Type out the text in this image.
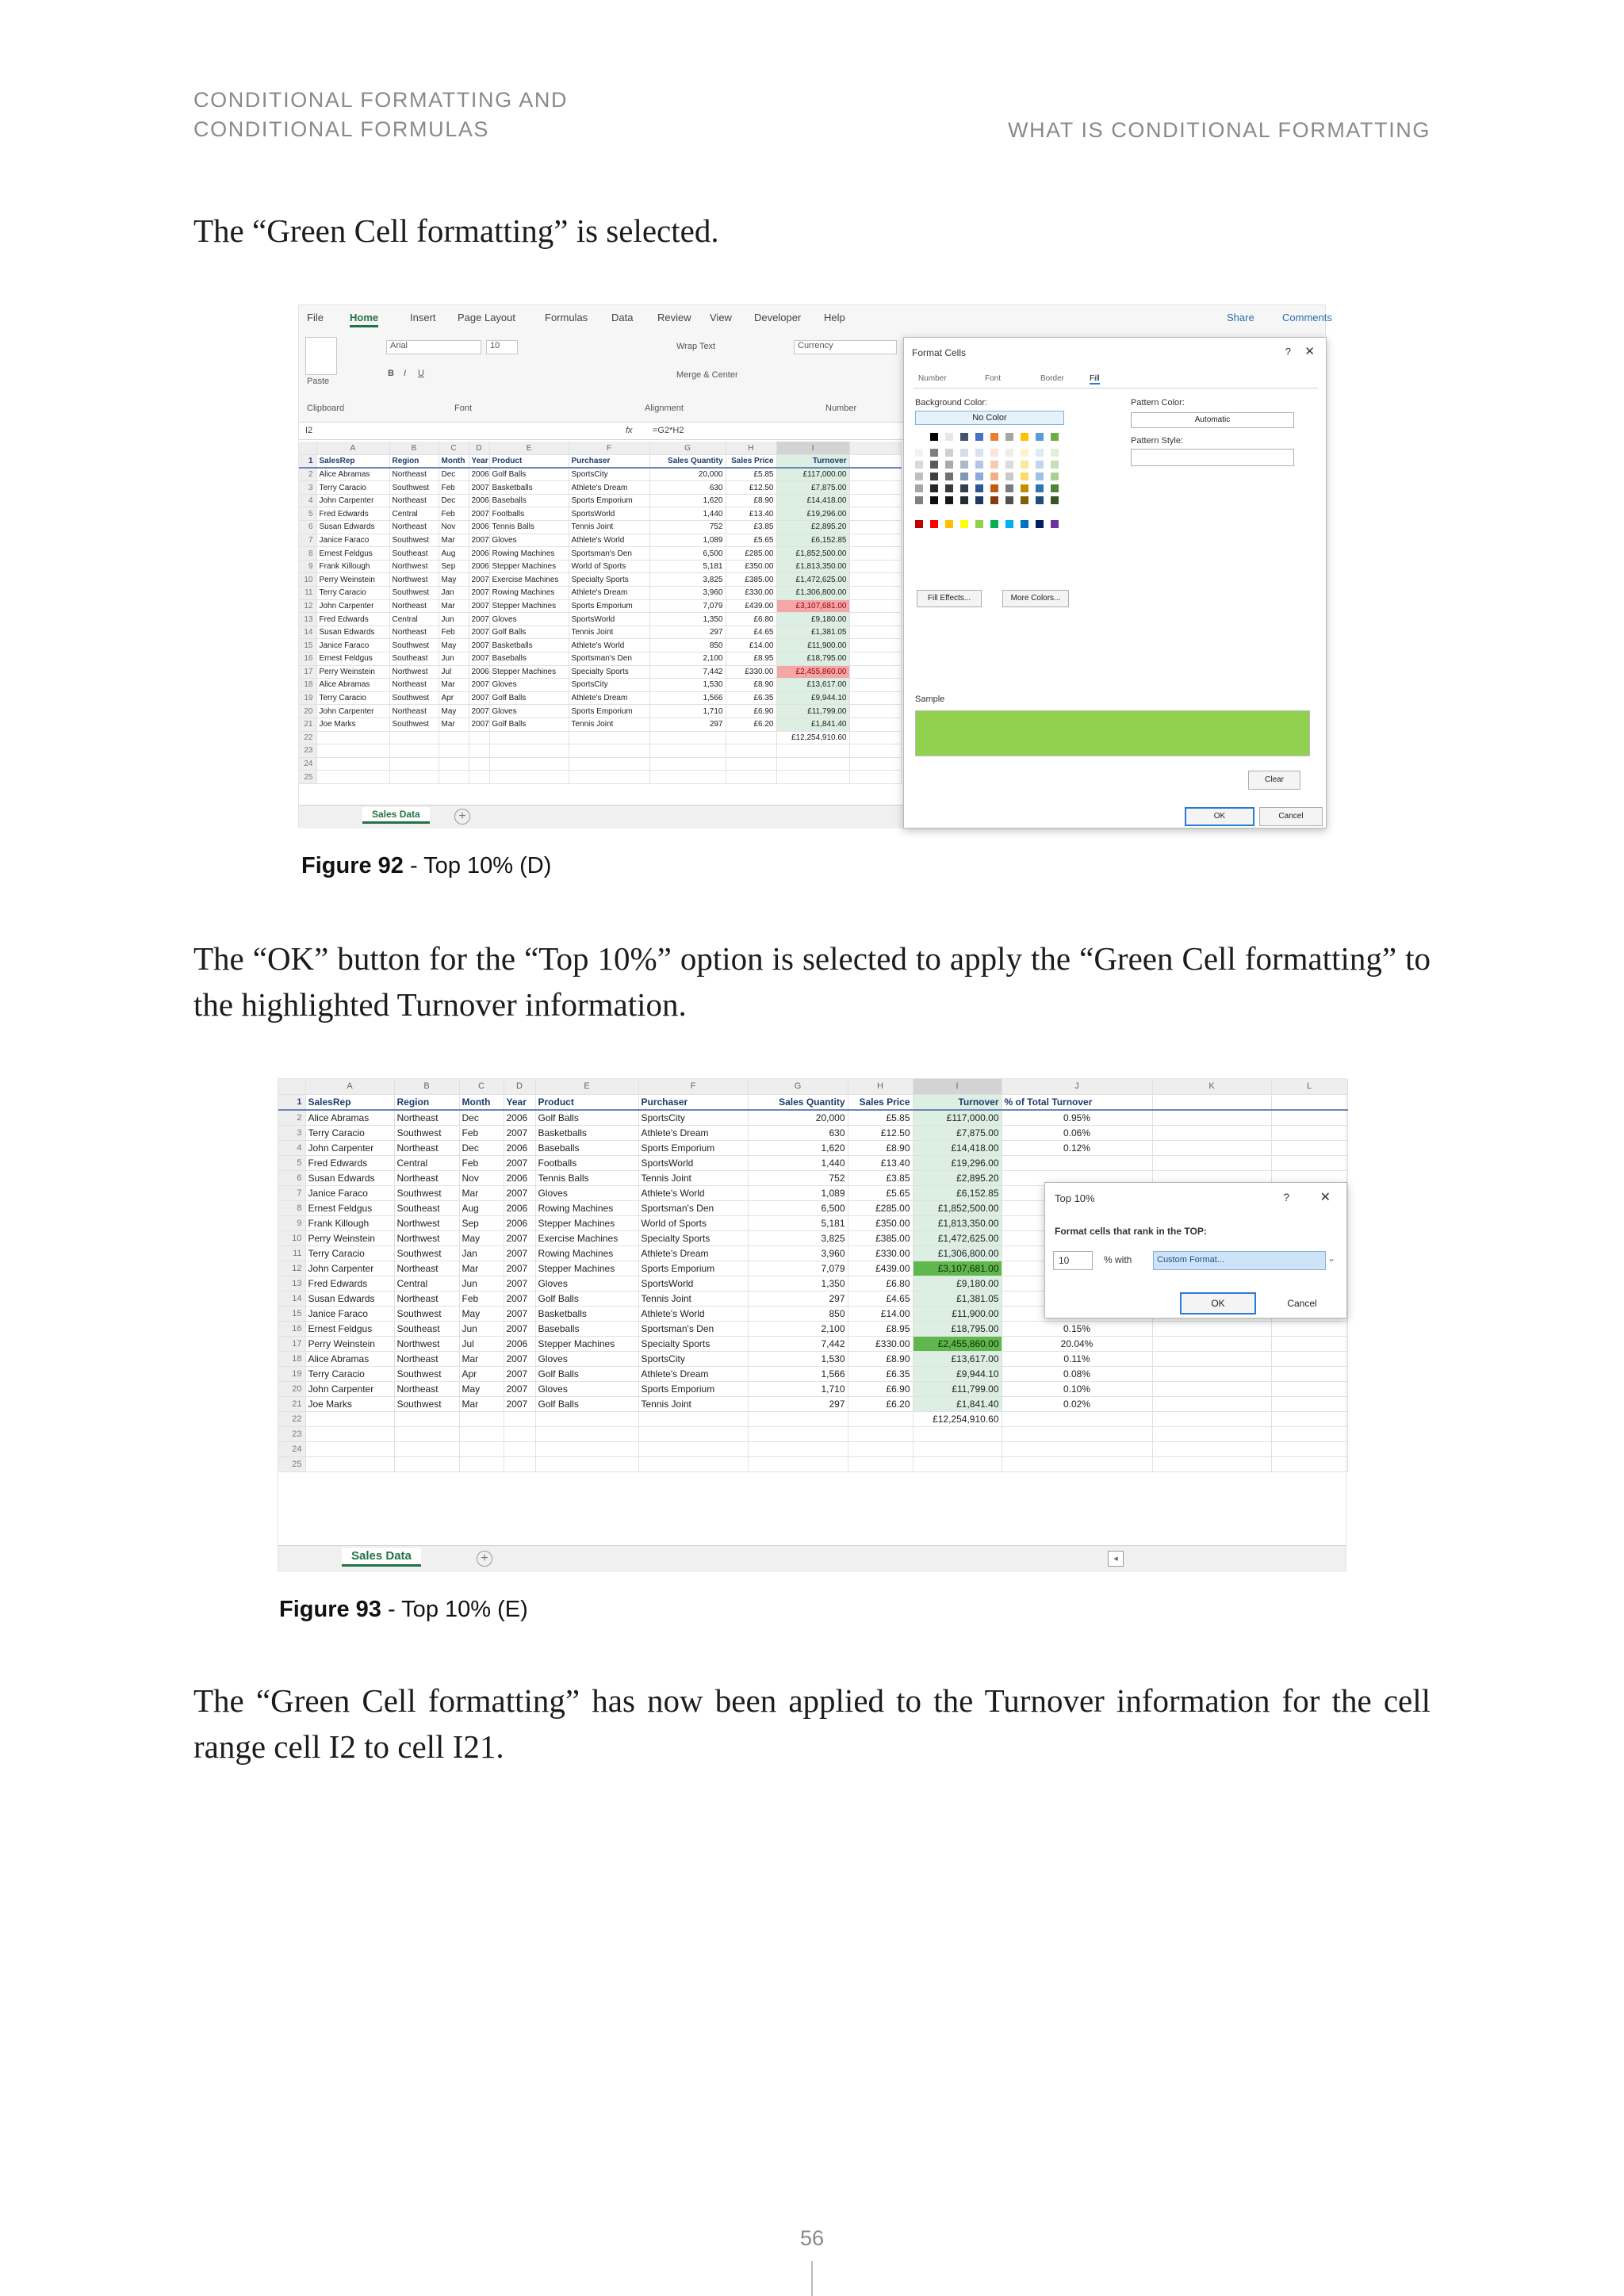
CONDITIONAL FORMATTING AND
CONDITIONAL FORMULAS	WHAT IS CONDITIONAL FORMATTING

The “Green Cell formatting” is selected.

File	Home	Insert Page Layout	Formulas Data Review View Developer Help	Share	Comments
Paste
Arial	10
B I U
Wrap Text
Merge & Center
Currency
Clipboard	Font	Alignment	Number
I2	fx =G2*H2
	A	B	C	D	E	F	G	H	I	
1	SalesRep	Region	Month	Year	Product	Purchaser	Sales Quantity	Sales Price	Turnover	
2	Alice Abramas	Northeast	Dec	2006	Golf Balls	SportsCity	20,000	£5.85	£117,000.00	
3	Terry Caracio	Southwest	Feb	2007	Basketballs	Athlete's Dream	630	£12.50	£7,875.00	
4	John Carpenter	Northeast	Dec	2006	Baseballs	Sports Emporium	1,620	£8.90	£14,418.00	
5	Fred Edwards	Central	Feb	2007	Footballs	SportsWorld	1,440	£13.40	£19,296.00	
6	Susan Edwards	Northeast	Nov	2006	Tennis Balls	Tennis Joint	752	£3.85	£2,895.20	
7	Janice Faraco	Southwest	Mar	2007	Gloves	Athlete's World	1,089	£5.65	£6,152.85	
8	Ernest Feldgus	Southeast	Aug	2006	Rowing Machines	Sportsman's Den	6,500	£285.00	£1,852,500.00	
9	Frank Killough	Northwest	Sep	2006	Stepper Machines	World of Sports	5,181	£350.00	£1,813,350.00	
10	Perry Weinstein	Northwest	May	2007	Exercise Machines	Specialty Sports	3,825	£385.00	£1,472,625.00	
11	Terry Caracio	Southwest	Jan	2007	Rowing Machines	Athlete's Dream	3,960	£330.00	£1,306,800.00	
12	John Carpenter	Northeast	Mar	2007	Stepper Machines	Sports Emporium	7,079	£439.00	£3,107,681.00	
13	Fred Edwards	Central	Jun	2007	Gloves	SportsWorld	1,350	£6.80	£9,180.00	
14	Susan Edwards	Northeast	Feb	2007	Golf Balls	Tennis Joint	297	£4.65	£1,381.05	
15	Janice Faraco	Southwest	May	2007	Basketballs	Athlete's World	850	£14.00	£11,900.00	
16	Ernest Feldgus	Southeast	Jun	2007	Baseballs	Sportsman's Den	2,100	£8.95	£18,795.00	
17	Perry Weinstein	Northwest	Jul	2006	Stepper Machines	Specialty Sports	7,442	£330.00	£2,455,860.00	
18	Alice Abramas	Northeast	Mar	2007	Gloves	SportsCity	1,530	£8.90	£13,617.00	
19	Terry Caracio	Southwest	Apr	2007	Golf Balls	Athlete's Dream	1,566	£6.35	£9,944.10	
20	John Carpenter	Northeast	May	2007	Gloves	Sports Emporium	1,710	£6.90	£11,799.00	
21	Joe Marks	Southwest	Mar	2007	Golf Balls	Tennis Joint	297	£6.20	£1,841.40	
22									£12,254,910.60	
23										
24										
25										
Sales Data	+
Format Cells	? ✕
Number	Font	Border	Fill
Background Color:
No Color
Fill Effects...	More Colors...
Pattern Color:
Automatic
Pattern Style:
Sample
Clear
OK	Cancel
Figure 92 - Top 10% (D)

The “OK” button for the “Top 10%” option is selected to apply the “Green Cell formatting” to the highlighted Turnover information.

	A	B	C	D	E	F	G	H	I	J	K	L
1	SalesRep	Region	Month	Year	Product	Purchaser	Sales Quantity	Sales Price	Turnover	% of Total Turnover		
2	Alice Abramas	Northeast	Dec	2006	Golf Balls	SportsCity	20,000	£5.85	£117,000.00	0.95%		
3	Terry Caracio	Southwest	Feb	2007	Basketballs	Athlete's Dream	630	£12.50	£7,875.00	0.06%		
4	John Carpenter	Northeast	Dec	2006	Baseballs	Sports Emporium	1,620	£8.90	£14,418.00	0.12%		
5	Fred Edwards	Central	Feb	2007	Footballs	SportsWorld	1,440	£13.40	£19,296.00			
6	Susan Edwards	Northeast	Nov	2006	Tennis Balls	Tennis Joint	752	£3.85	£2,895.20			
7	Janice Faraco	Southwest	Mar	2007	Gloves	Athlete's World	1,089	£5.65	£6,152.85			
8	Ernest Feldgus	Southeast	Aug	2006	Rowing Machines	Sportsman's Den	6,500	£285.00	£1,852,500.00			
9	Frank Killough	Northwest	Sep	2006	Stepper Machines	World of Sports	5,181	£350.00	£1,813,350.00			
10	Perry Weinstein	Northwest	May	2007	Exercise Machines	Specialty Sports	3,825	£385.00	£1,472,625.00			
11	Terry Caracio	Southwest	Jan	2007	Rowing Machines	Athlete's Dream	3,960	£330.00	£1,306,800.00			
12	John Carpenter	Northeast	Mar	2007	Stepper Machines	Sports Emporium	7,079	£439.00	£3,107,681.00			
13	Fred Edwards	Central	Jun	2007	Gloves	SportsWorld	1,350	£6.80	£9,180.00			
14	Susan Edwards	Northeast	Feb	2007	Golf Balls	Tennis Joint	297	£4.65	£1,381.05			
15	Janice Faraco	Southwest	May	2007	Basketballs	Athlete's World	850	£14.00	£11,900.00			
16	Ernest Feldgus	Southeast	Jun	2007	Baseballs	Sportsman's Den	2,100	£8.95	£18,795.00	0.15%		
17	Perry Weinstein	Northwest	Jul	2006	Stepper Machines	Specialty Sports	7,442	£330.00	£2,455,860.00	20.04%		
18	Alice Abramas	Northeast	Mar	2007	Gloves	SportsCity	1,530	£8.90	£13,617.00	0.11%		
19	Terry Caracio	Southwest	Apr	2007	Golf Balls	Athlete's Dream	1,566	£6.35	£9,944.10	0.08%		
20	John Carpenter	Northeast	May	2007	Gloves	Sports Emporium	1,710	£6.90	£11,799.00	0.10%		
21	Joe Marks	Southwest	Mar	2007	Golf Balls	Tennis Joint	297	£6.20	£1,841.40	0.02%		
22									£12,254,910.60			
23												
24												
25												
Sales Data	+	◂
Top 10%	? ✕
Format cells that rank in the TOP:
10	% with	Custom Format...	⌄
OK	Cancel
Figure 93 - Top 10% (E)

The “Green Cell formatting” has now been applied to the Turnover information for the cell range cell I2 to cell I21.

56
